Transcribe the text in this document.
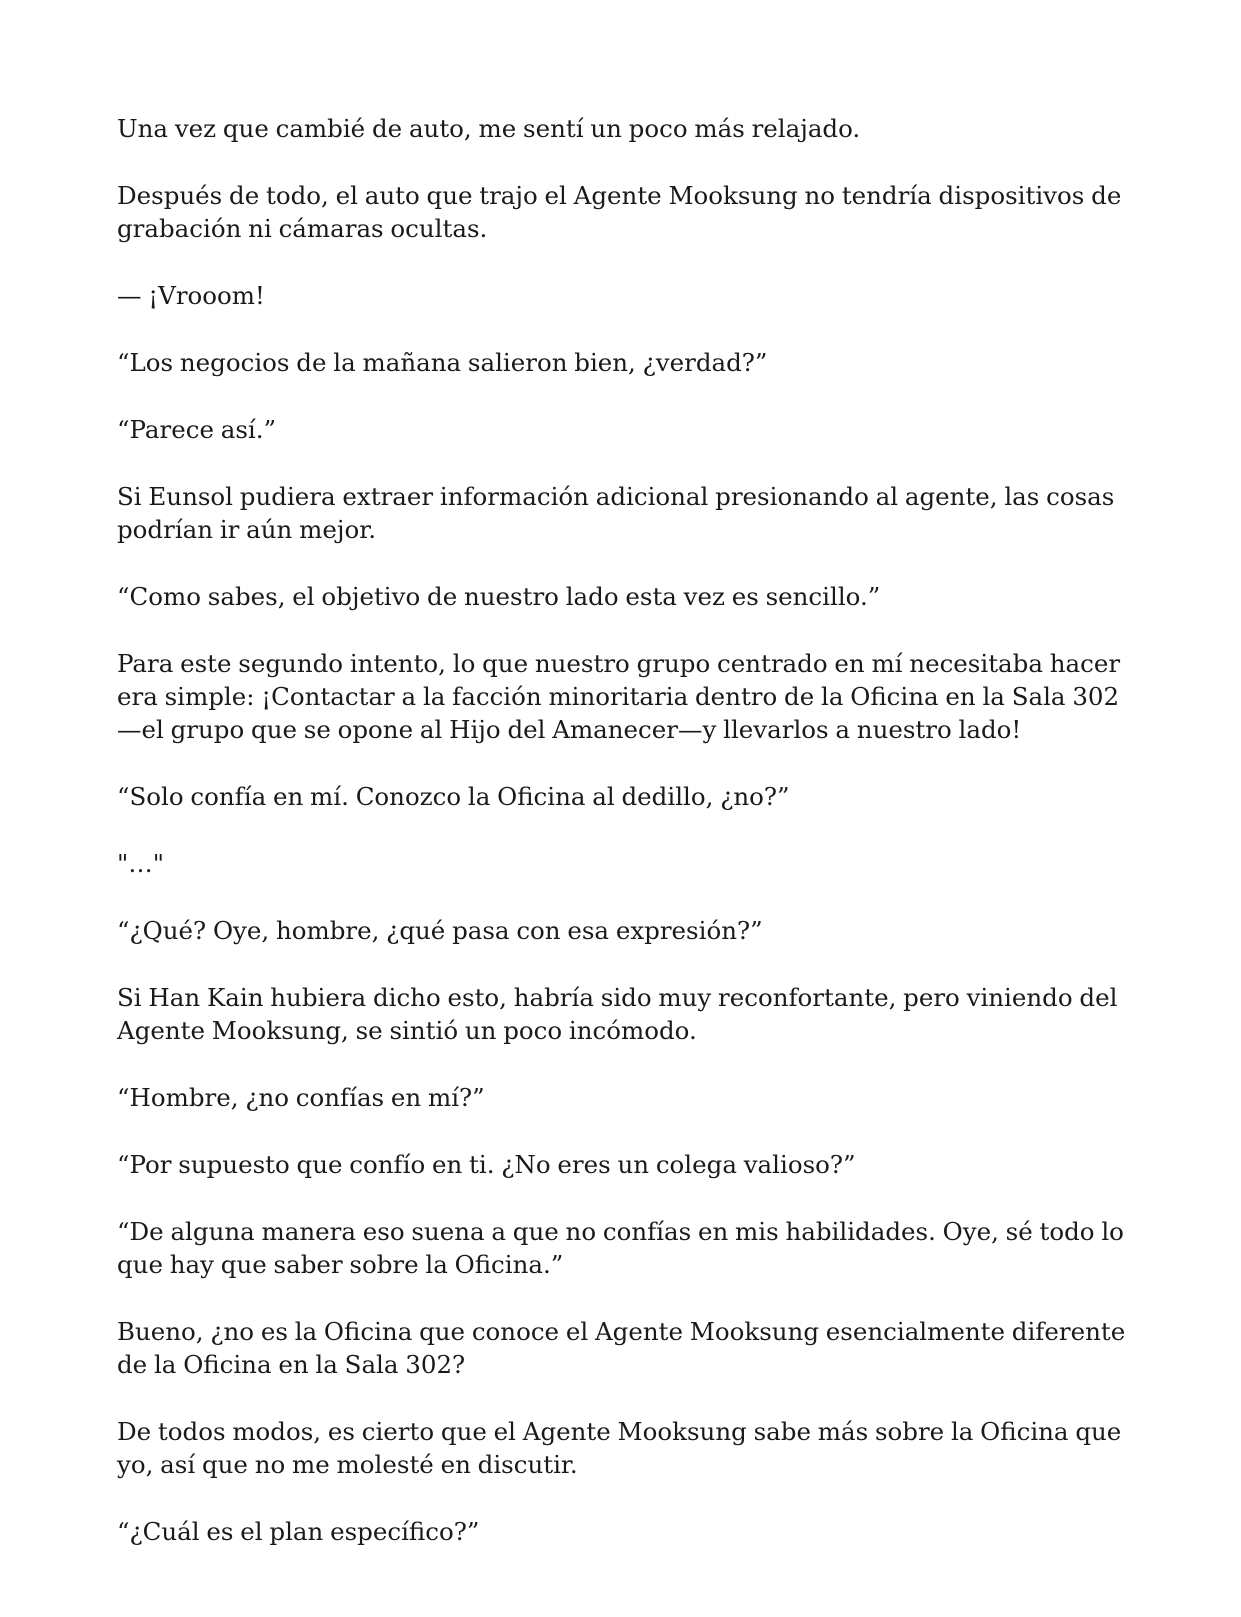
Una vez que cambié de auto, me sentí un poco más relajado.

Después de todo, el auto que trajo el Agente Mooksung no tendría dispositivos de grabación ni cámaras ocultas.

— ¡Vrooom!

“Los negocios de la mañana salieron bien, ¿verdad?”

“Parece así.”

Si Eunsol pudiera extraer información adicional presionando al agente, las cosas podrían ir aún mejor.

“Como sabes, el objetivo de nuestro lado esta vez es sencillo.”

Para este segundo intento, lo que nuestro grupo centrado en mí necesitaba hacer era simple: ¡Contactar a la facción minoritaria dentro de la Oficina en la Sala 302—el grupo que se opone al Hijo del Amanecer—y llevarlos a nuestro lado!

“Solo confía en mí. Conozco la Oficina al dedillo, ¿no?”

"…"

“¿Qué? Oye, hombre, ¿qué pasa con esa expresión?”

Si Han Kain hubiera dicho esto, habría sido muy reconfortante, pero viniendo del Agente Mooksung, se sintió un poco incómodo.

“Hombre, ¿no confías en mí?”

“Por supuesto que confío en ti. ¿No eres un colega valioso?”

“De alguna manera eso suena a que no confías en mis habilidades. Oye, sé todo lo que hay que saber sobre la Oficina.”

Bueno, ¿no es la Oficina que conoce el Agente Mooksung esencialmente diferente de la Oficina en la Sala 302?

De todos modos, es cierto que el Agente Mooksung sabe más sobre la Oficina que yo, así que no me molesté en discutir.

“¿Cuál es el plan específico?”
